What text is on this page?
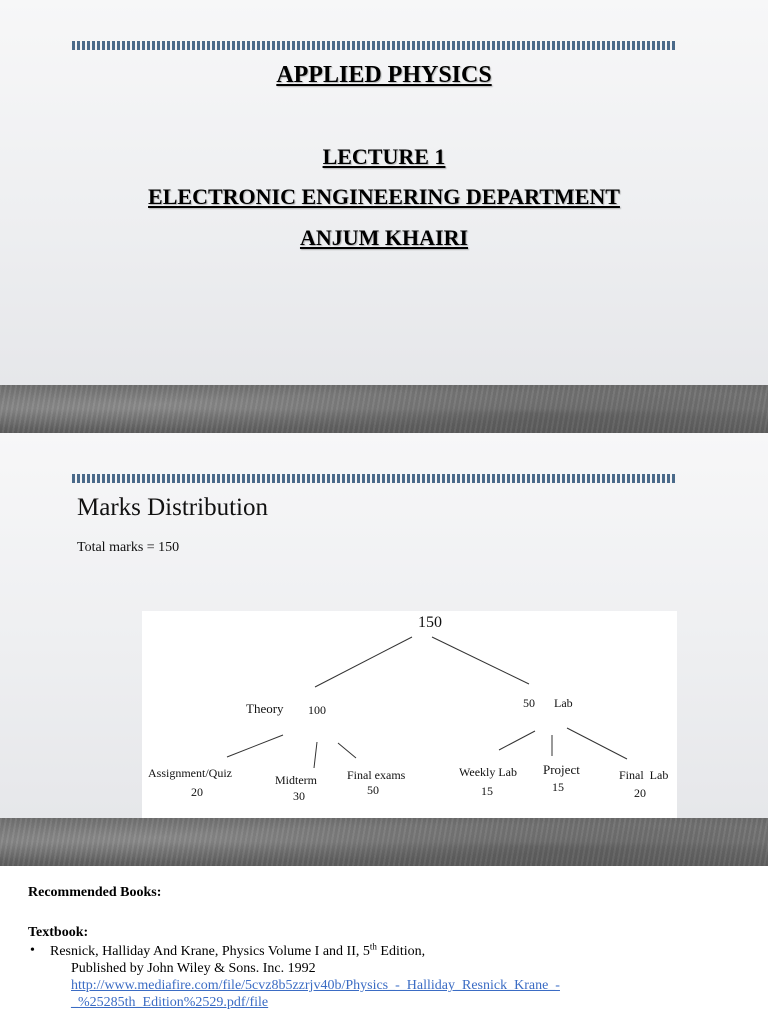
APPLIED PHYSICS
LECTURE 1
ELECTRONIC ENGINEERING DEPARTMENT
ANJUM KHAIRI
Marks Distribution
Total marks = 150
150
Theory 100	50 Lab
Assignment/Quiz
20
Midterm
30
Final exams
50
Weekly Lab
15
Project
15
Final  Lab
20
Recommended Books:
Textbook:
• Resnick, Halliday And Krane, Physics Volume I and II, 5th Edition,
Published by John Wiley & Sons. Inc. 1992
http://www.mediafire.com/file/5cvz8b5zzrjv40b/Physics_-_Halliday_Resnick_Krane_-
_%25285th_Edition%2529.pdf/file
